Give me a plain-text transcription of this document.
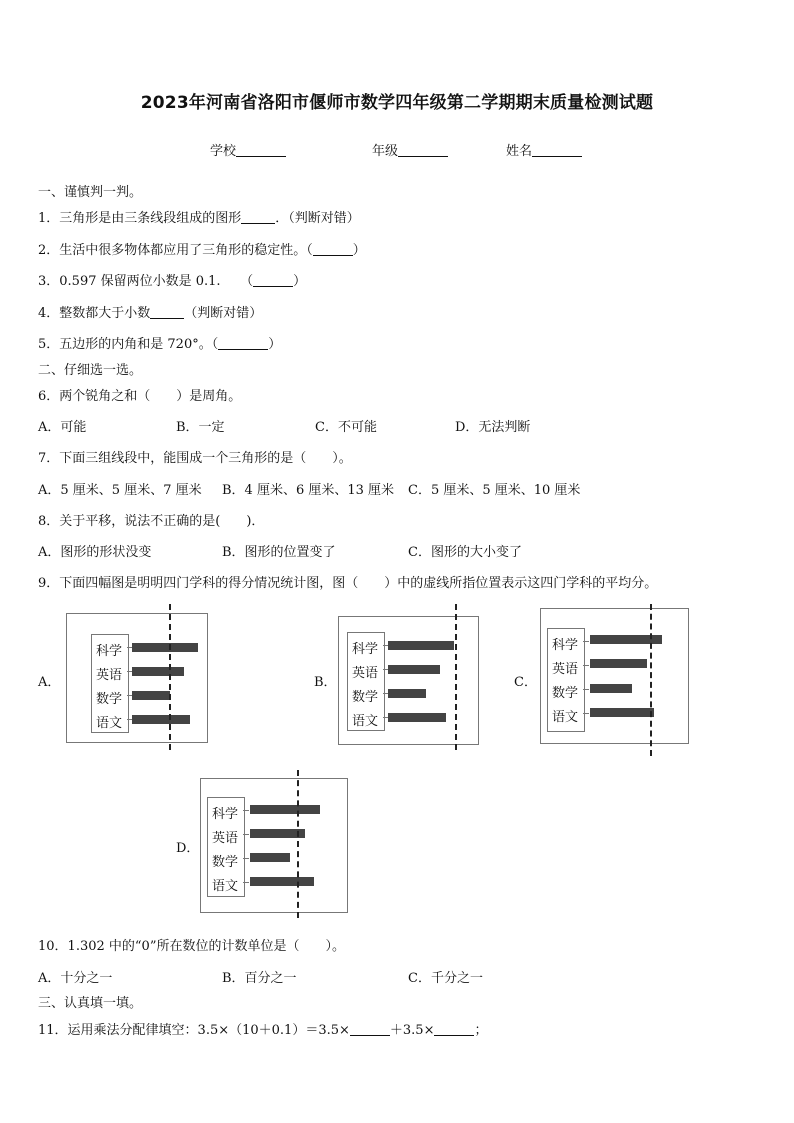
2023年河南省洛阳市偃师市数学四年级第二学期期末质量检测试题
学校	年级	姓名
一、谨慎判一判。
1．三角形是由三条线段组成的图形	．（判断对错）
2．生活中很多物体都应用了三角形的稳定性。（	）
3．0.597 保留两位小数是 0.1.　　（	）
4．整数都大于小数	（判断对错）
5．五边形的内角和是 720°。（	）
二、仔细选一选。
6．两个锐角之和（　　）是周角。
A．可能	B．一定	C．不可能	D．无法判断
7．下面三组线段中，能围成一个三角形的是（　　）。
A．5 厘米、5 厘米、7 厘米 B．4 厘米、6 厘米、13 厘米 C．5 厘米、5 厘米、10 厘米
8．关于平移，说法不正确的是(　　)．
A．图形的形状没变	B．图形的位置变了	C．图形的大小变了
9．下面四幅图是明明四门学科的得分情况统计图，图（　　）中的虚线所指位置表示这四门学科的平均分。
A．	B．	C．
D．
科学
英语
数学
语文
科学
英语
数学
语文
科学
英语
数学
语文
科学
英语
数学
语文
10．1.302 中的“0”所在数位的计数单位是（　　）。
A．十分之一	B．百分之一	C．千分之一
三、认真填一填。
11．运用乘法分配律填空：3.5×（10＋0.1）＝3.5×	＋3.5×	；
